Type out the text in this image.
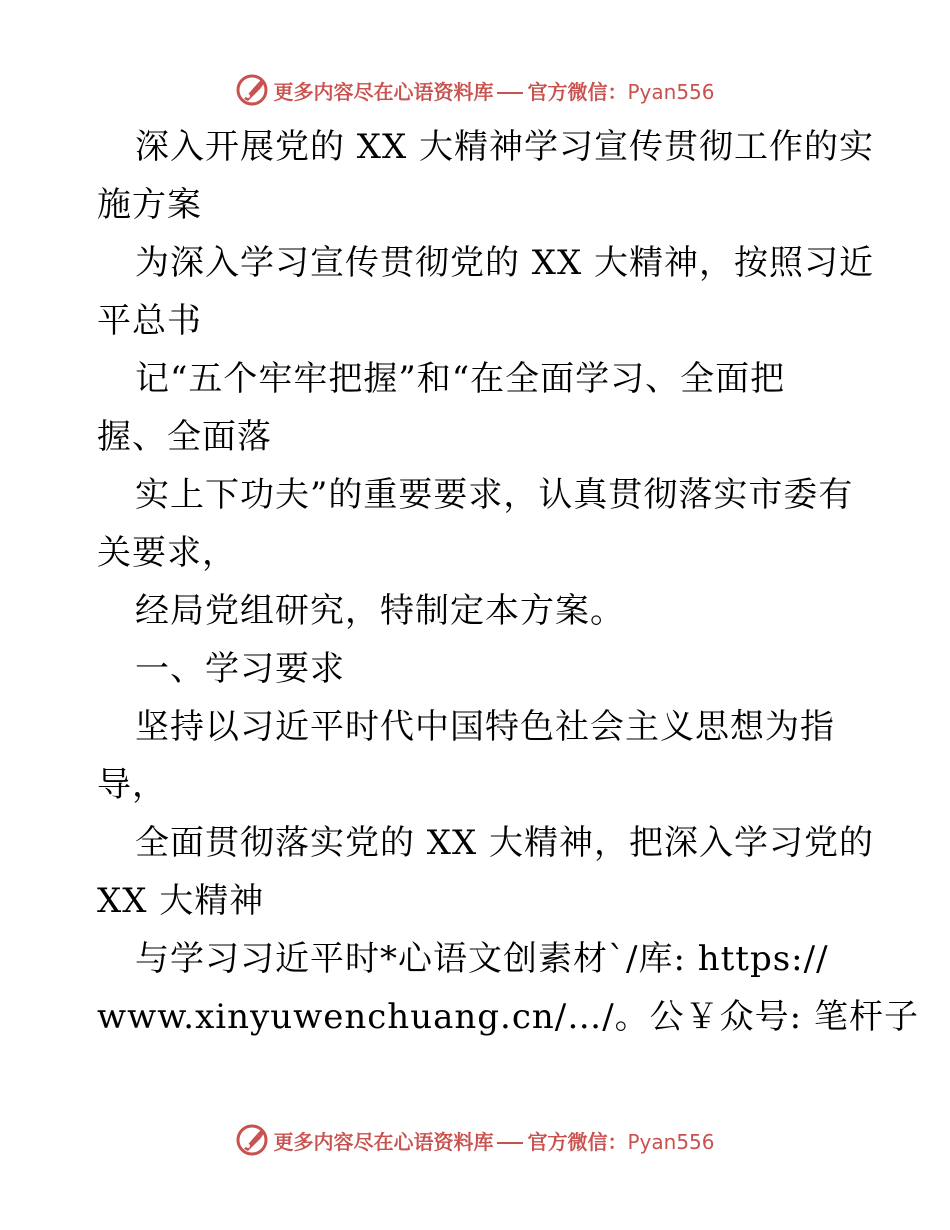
更多内容尽在心语资料库 官方微信：Pyan556
深入开展党的 XX 大精神学习宣传贯彻工作的实
施方案
为深入学习宣传贯彻党的 XX 大精神，按照习近
平总书
记“五个牢牢把握”和“在全面学习、全面把
握、全面落
实上下功夫”的重要要求，认真贯彻落实市委有
关要求，
经局党组研究，特制定本方案。
一、学习要求
坚持以习近平时代中国特色社会主义思想为指
导，
全面贯彻落实党的 XX 大精神，把深入学习党的
XX 大精神
与学习习近平时*心语文创素材`/库: https://
www.xinyuwenchuang.cn/…/。公￥众号: 笔杆子
更多内容尽在心语资料库 官方微信：Pyan556
